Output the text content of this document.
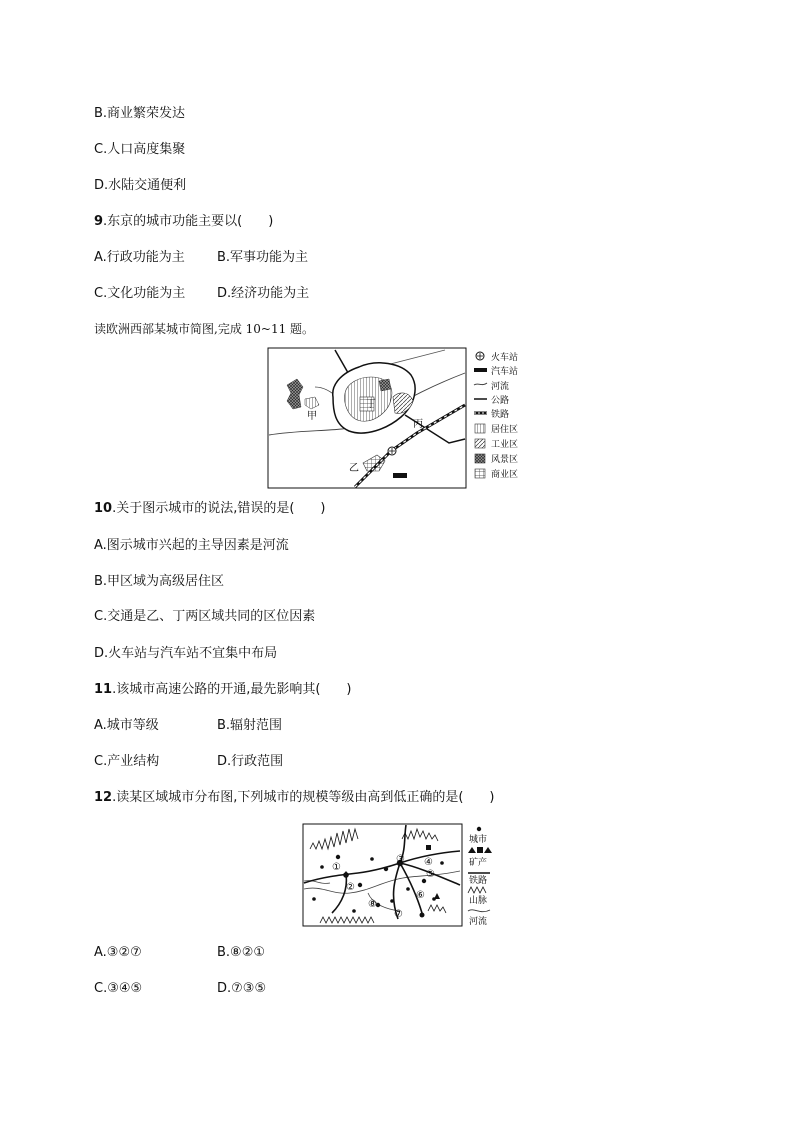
B.商业繁荣发达
C.人口高度集聚
D.水陆交通便利
9.东京的城市功能主要以(　　)
A.行政功能为主 B.军事功能为主
C.文化功能为主 D.经济功能为主
读欧洲西部某城市简图,完成 10~11 题。
甲
乙
丙
丁
火车站
汽车站
河流
公路
铁路
居住区
工业区
风景区
商业区
10.关于图示城市的说法,错误的是(　　)
A.图示城市兴起的主导因素是河流
B.甲区域为高级居住区
C.交通是乙、丁两区域共同的区位因素
D.火车站与汽车站不宜集中布局
11.该城市高速公路的开通,最先影响其(　　)
A.城市等级	B.辐射范围
C.产业结构	D.行政范围
12.读某区域城市分布图,下列城市的规模等级由高到低正确的是(　　)
①
②
③ ④
⑤
⑥
⑦
⑧
城市
矿产
铁路
山脉
河流
A.③②⑦	B.⑧②①
C.③④⑤	D.⑦③⑤
